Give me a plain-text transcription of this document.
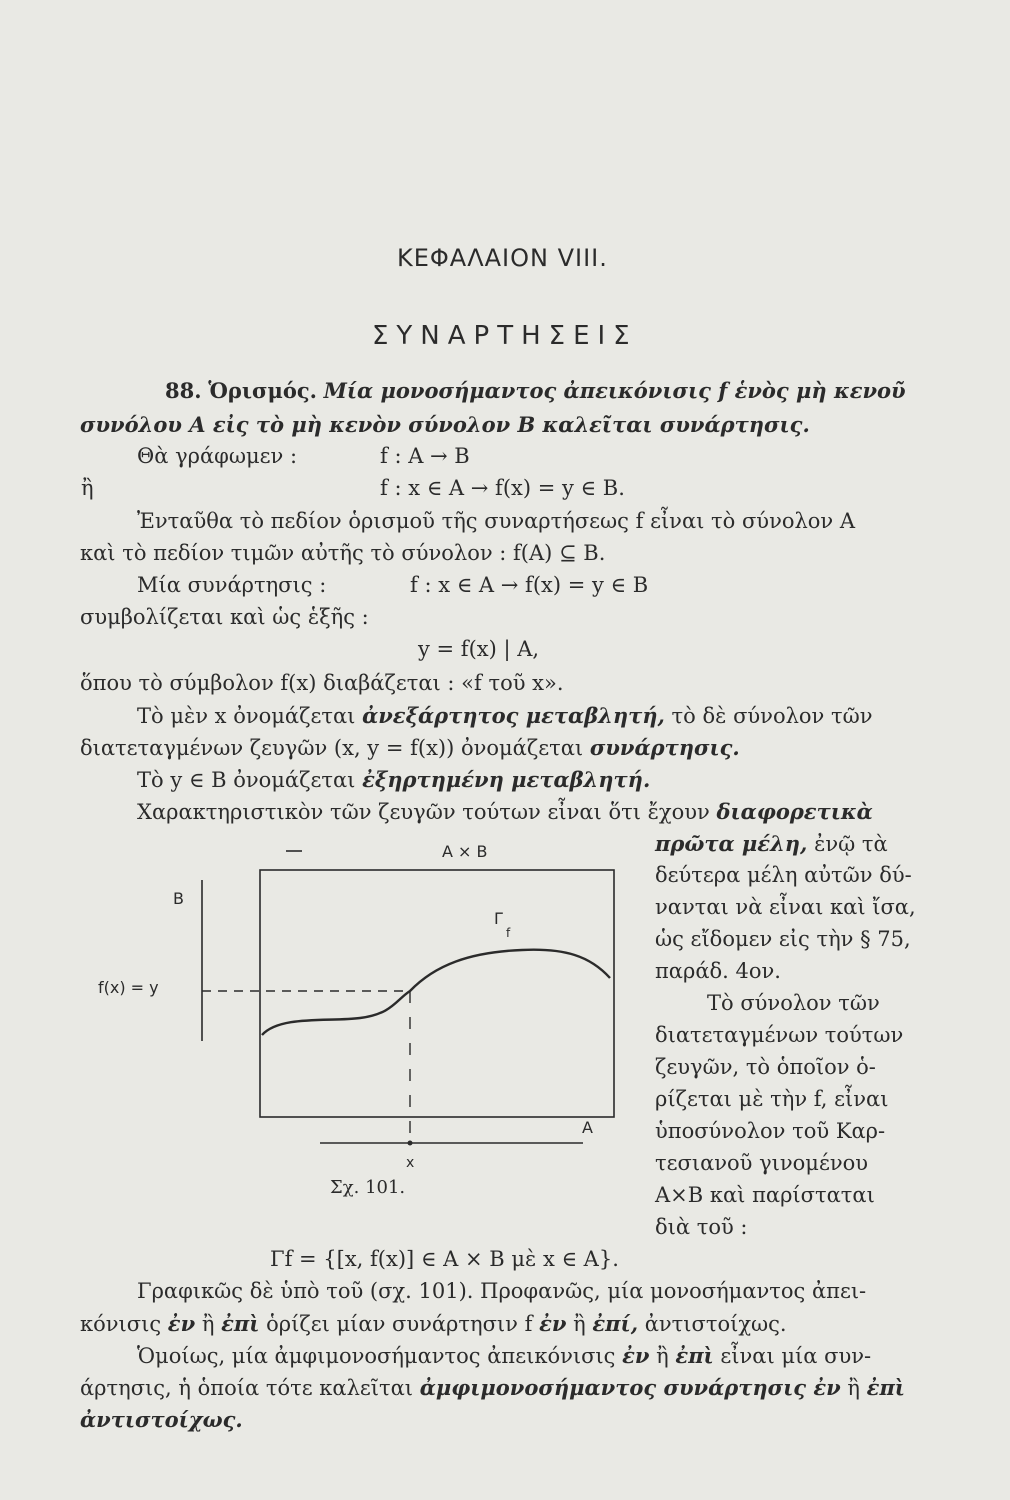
ΚΕΦΑΛΑΙΟΝ VIII.
ΣΥΝΑΡΤΗΣΕΙΣ
88. Ὁρισμός. Μία μονοσήμαντος ἀπεικόνισις f ἑνὸς μὴ κενοῦ
συνόλου A εἰς τὸ μὴ κενὸν σύνολον B καλεῖται συνάρτησις.
Θὰ γράφωμεν :	f : A → B
ἢ	f : x ∈ A → f(x) = y ∈ B.
Ἐνταῦθα τὸ πεδίον ὁρισμοῦ τῆς συναρτήσεως f εἶναι τὸ σύνολον A
καὶ τὸ πεδίον τιμῶν αὐτῆς τὸ σύνολον : f(A) ⊆ B.
Μία συνάρτησις :	f : x ∈ A → f(x) = y ∈ B
συμβολίζεται καὶ ὡς ἑξῆς :
y = f(x) | A,
ὅπου τὸ σύμβολον f(x) διαβάζεται : «f τοῦ x».
Τὸ μὲν x ὀνομάζεται ἀνεξάρτητος μεταβλητή, τὸ δὲ σύνολον τῶν
διατεταγμένων ζευγῶν (x, y = f(x)) ὀνομάζεται συνάρτησις.
Τὸ y ∈ B ὀνομάζεται ἐξηρτημένη μεταβλητή.
Χαρακτηριστικὸν τῶν ζευγῶν τούτων εἶναι ὅτι ἔχουν διαφορετικὰ
πρῶτα μέλη, ἐνῷ τὰ
δεύτερα μέλη αὐτῶν δύ-
νανται νὰ εἶναι καὶ ἴσα,
ὡς εἴδομεν εἰς τὴν § 75,
παράδ. 4ον.
Τὸ σύνολον τῶν
διατεταγμένων τούτων
ζευγῶν, τὸ ὁποῖον ὁ-
ρίζεται μὲ τὴν f, εἶναι
ὑποσύνολον τοῦ Καρ-
τεσιανοῦ γινομένου
A×B καὶ παρίσταται
διὰ τοῦ :
A × B
B
f(x) = y
Γ
f
A
x
Σχ. 101.
Γf = {[x, f(x)] ∈ A × B μὲ x ∈ A}.
Γραφικῶς δὲ ὑπὸ τοῦ (σχ. 101). Προφανῶς, μία μονοσήμαντος ἀπει-
κόνισις ἐν ἢ ἐπὶ ὁρίζει μίαν συνάρτησιν f ἐν ἢ ἐπί, ἀντιστοίχως.
Ὁμοίως, μία ἀμφιμονοσήμαντος ἀπεικόνισις ἐν ἢ ἐπὶ εἶναι μία συν-
άρτησις, ἡ ὁποία τότε καλεῖται ἀμφιμονοσήμαντος συνάρτησις ἐν ἢ ἐπὶ
ἀντιστοίχως.
